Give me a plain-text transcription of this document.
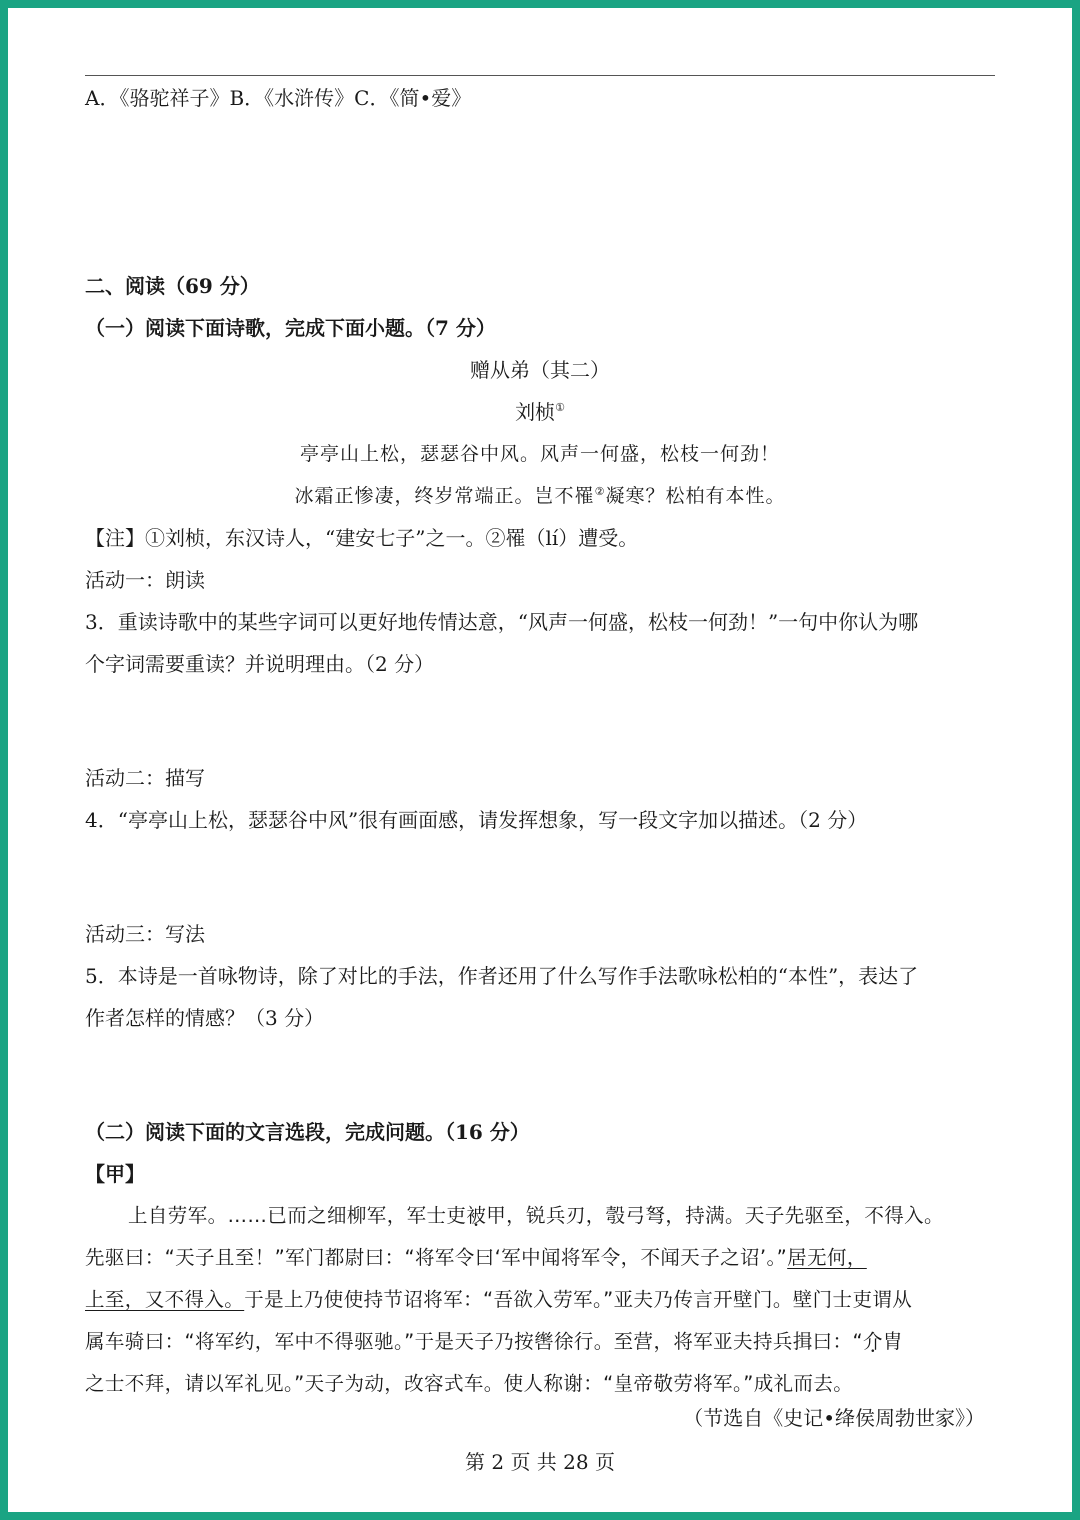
A．《骆驼祥子》B．《水浒传》C．《简•爱》
二、阅读（69 分）
（一）阅读下面诗歌，完成下面小题。（7 分）
赠从弟（其二）
刘桢①
亭亭山上松，瑟瑟谷中风。风声一何盛，松枝一何劲！
冰霜正惨凄，终岁常端正。岂不罹②凝寒？松柏有本性。
【注】①刘桢，东汉诗人，“建安七子”之一。②罹（lí）遭受。
活动一：朗读
3．重读诗歌中的某些字词可以更好地传情达意，“风声一何盛，松枝一何劲！”一句中你认为哪
个字词需要重读？并说明理由。（2 分）
活动二：描写
4．“亭亭山上松，瑟瑟谷中风”很有画面感，请发挥想象，写一段文字加以描述。（2 分）
活动三：写法
5．本诗是一首咏物诗，除了对比的手法，作者还用了什么写作手法歌咏松柏的“本性”，表达了
作者怎样的情感？（3 分）
（二）阅读下面的文言选段，完成问题。（16 分）
【甲】
上自劳军。……已而之细柳军，军士吏被甲，锐兵刃，彀弓弩，持满。天子先驱至，不得入。
先驱曰：“天子且至！”军门都尉曰：“将军令曰‘军中闻将军令，不闻天子之诏’。”居无何，
上至，又不得入。于是上乃使使持节诏将军：“吾欲入劳军。”亚夫乃传言开壁门。壁门士吏谓从
属车骑曰：“将军约，军中不得驱驰。”于是天子乃按辔徐行。至营，将军亚夫持兵揖曰：“介胄
之士不拜，请以军礼见。”天子为动，改容式车。使人称谢：“皇帝敬劳将军。”成礼而去。
（节选自《史记•绛侯周勃世家》）
第 2 页 共 28 页
